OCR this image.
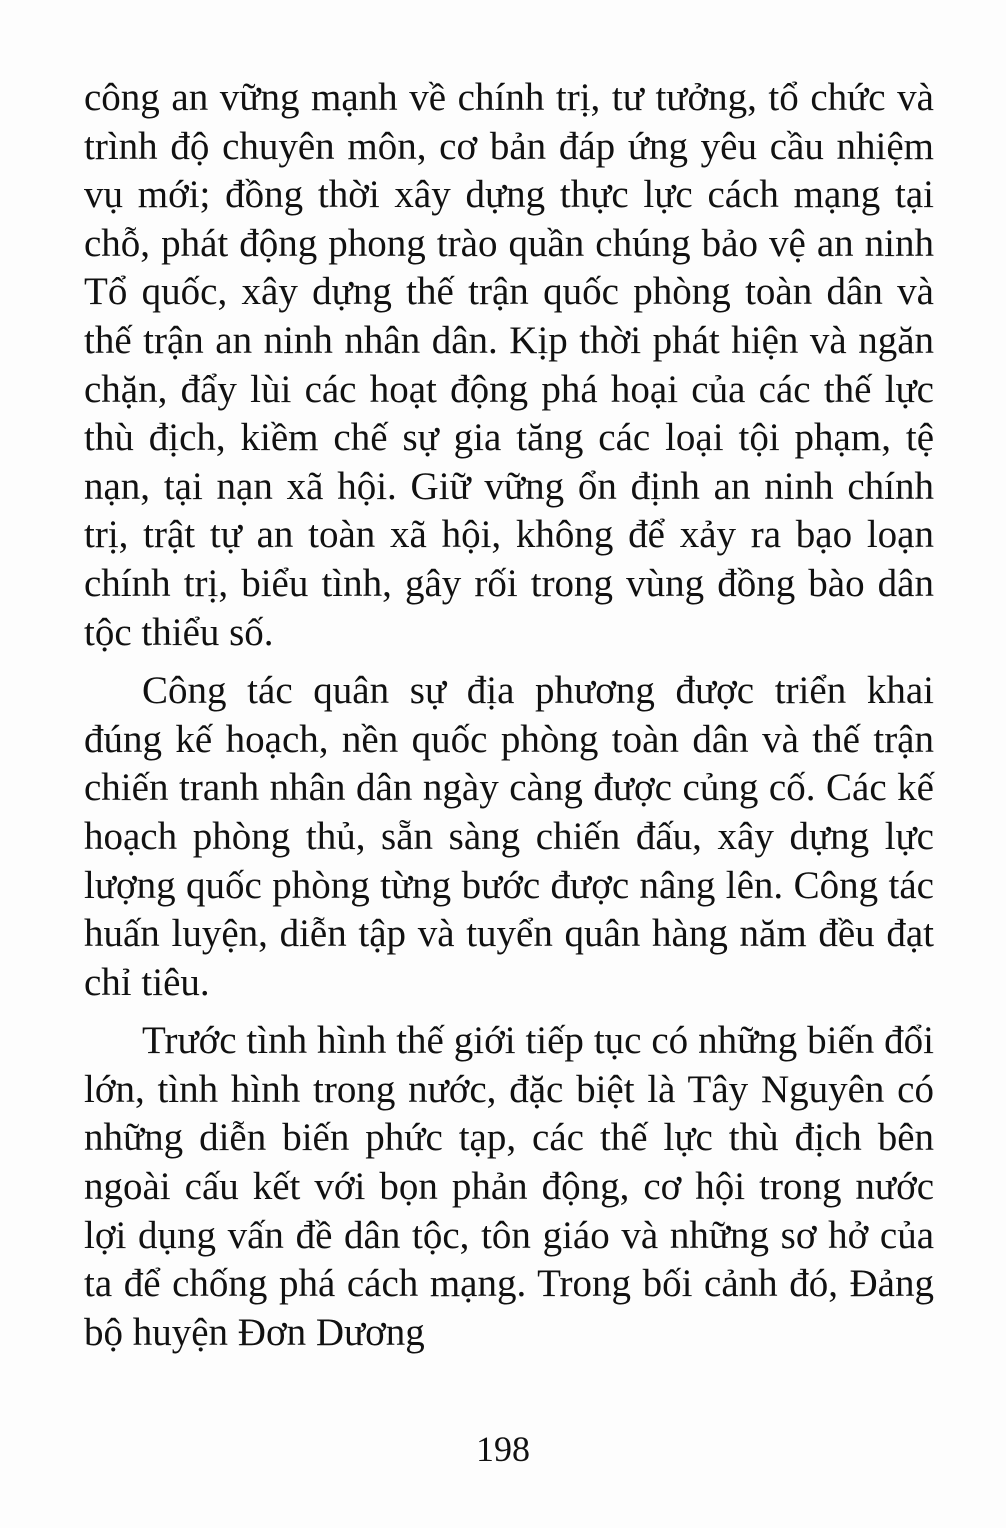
công an vững mạnh về chính trị, tư tưởng, tổ chức và trình độ chuyên môn, cơ bản đáp ứng yêu cầu nhiệm vụ mới; đồng thời xây dựng thực lực cách mạng tại chỗ, phát động phong trào quần chúng bảo vệ an ninh Tổ quốc, xây dựng thế trận quốc phòng toàn dân và thế trận an ninh nhân dân. Kịp thời phát hiện và ngăn chặn, đẩy lùi các hoạt động phá hoại của các thế lực thù địch, kiềm chế sự gia tăng các loại tội phạm, tệ nạn, tại nạn xã hội. Giữ vững ổn định an ninh chính trị, trật tự an toàn xã hội, không để xảy ra bạo loạn chính trị, biểu tình, gây rối trong vùng đồng bào dân tộc thiểu số.

Công tác quân sự địa phương được triển khai đúng kế hoạch, nền quốc phòng toàn dân và thế trận chiến tranh nhân dân ngày càng được củng cố. Các kế hoạch phòng thủ, sẵn sàng chiến đấu, xây dựng lực lượng quốc phòng từng bước được nâng lên. Công tác huấn luyện, diễn tập và tuyển quân hàng năm đều đạt chỉ tiêu.

Trước tình hình thế giới tiếp tục có những biến đổi lớn, tình hình trong nước, đặc biệt là Tây Nguyên có những diễn biến phức tạp, các thế lực thù địch bên ngoài cấu kết với bọn phản động, cơ hội trong nước lợi dụng vấn đề dân tộc, tôn giáo và những sơ hở của ta để chống phá cách mạng. Trong bối cảnh đó, Đảng bộ huyện Đơn Dương

198
